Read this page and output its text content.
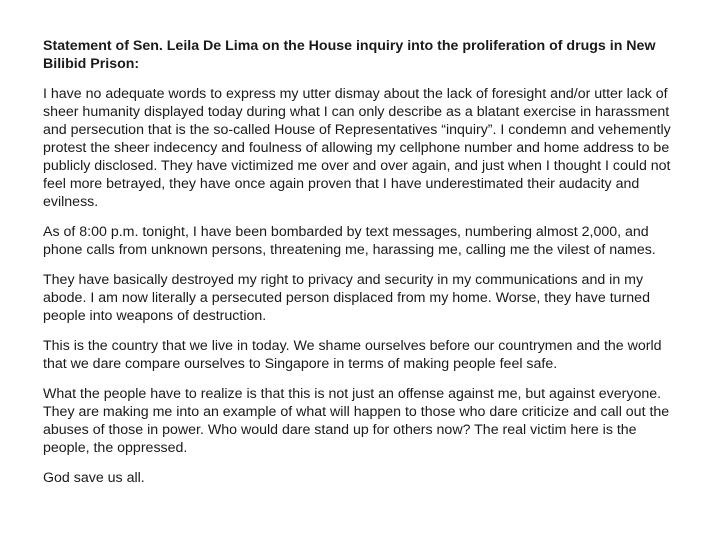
Statement of Sen. Leila De Lima on the House inquiry into the proliferation of drugs in New Bilibid Prison:

I have no adequate words to express my utter dismay about the lack of foresight and/or utter lack of sheer humanity displayed today during what I can only describe as a blatant exercise in harassment and persecution that is the so-called House of Representatives “inquiry”. I condemn and vehemently protest the sheer indecency and foulness of allowing my cellphone number and home address to be publicly disclosed. They have victimized me over and over again, and just when I thought I could not feel more betrayed, they have once again proven that I have underestimated their audacity and evilness.

As of 8:00 p.m. tonight, I have been bombarded by text messages, numbering almost 2,000, and phone calls from unknown persons, threatening me, harassing me, calling me the vilest of names.

They have basically destroyed my right to privacy and security in my communications and in my abode. I am now literally a persecuted person displaced from my home. Worse, they have turned people into weapons of destruction.

This is the country that we live in today. We shame ourselves before our countrymen and the world that we dare compare ourselves to Singapore in terms of making people feel safe.

What the people have to realize is that this is not just an offense against me, but against everyone. They are making me into an example of what will happen to those who dare criticize and call out the abuses of those in power. Who would dare stand up for others now? The real victim here is the people, the oppressed.

God save us all.
